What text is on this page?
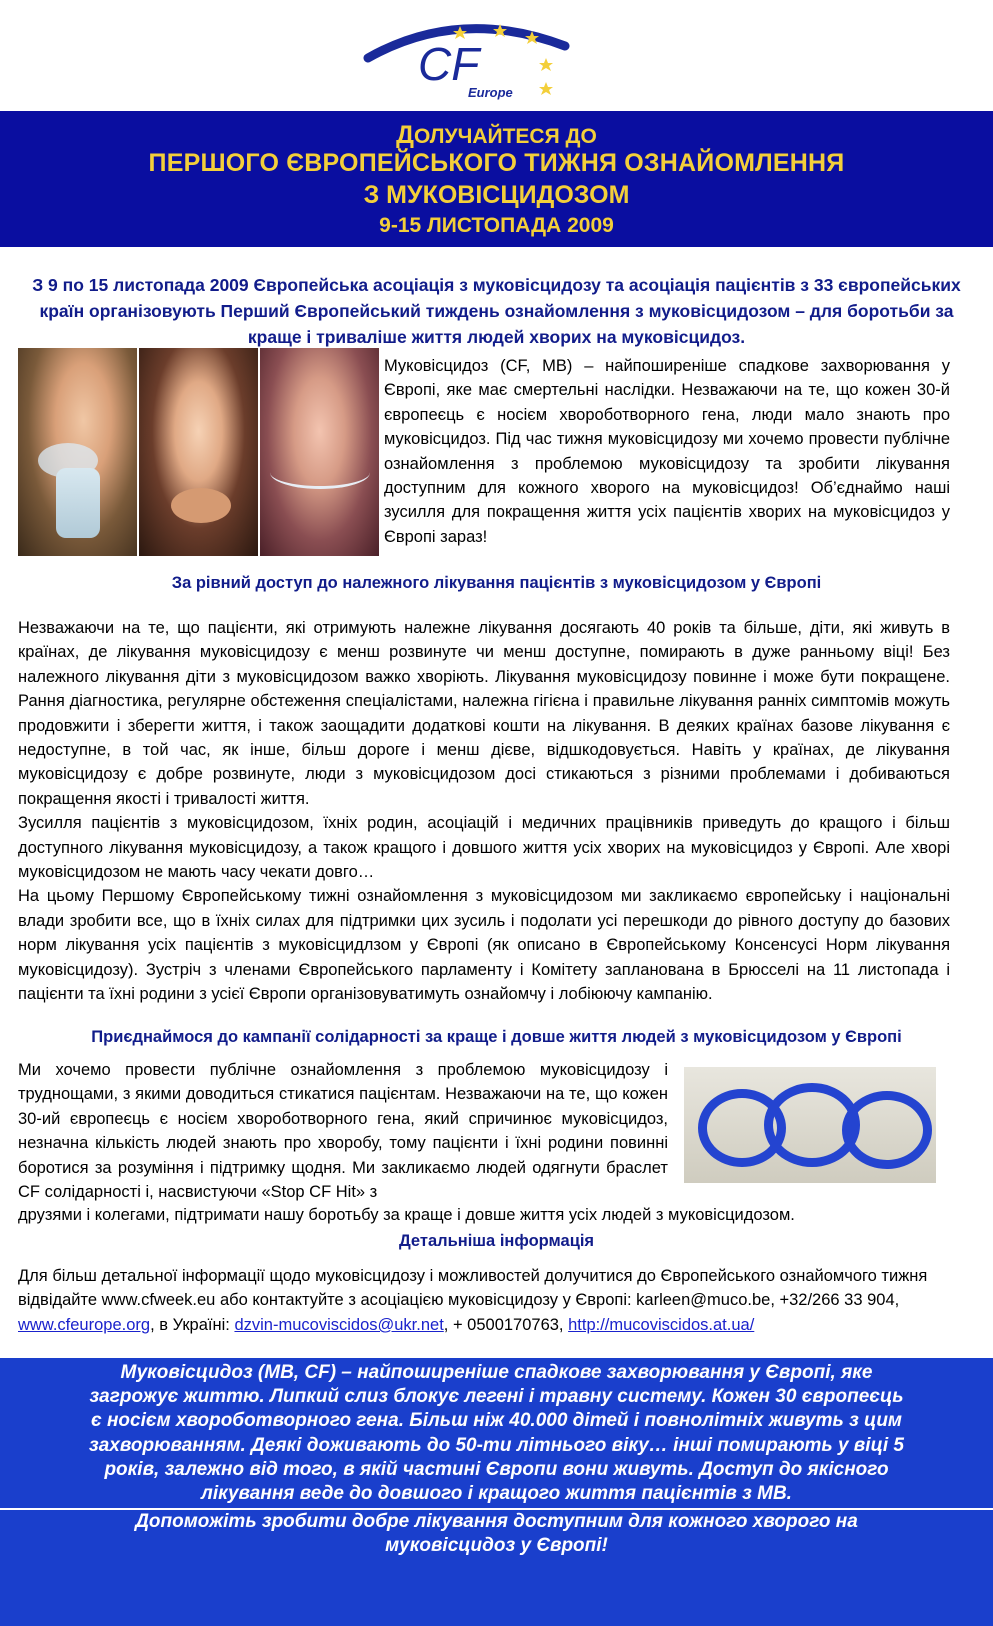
CF
Europe
ДОЛУЧАЙТЕСЯ ДО
ПЕРШОГО ЄВРОПЕЙСЬКОГО ТИЖНЯ ОЗНАЙОМЛЕННЯ
З МУКОВІСЦИДОЗОМ
9-15 ЛИСТОПАДА 2009
З 9 по 15 листопада 2009 Європейська асоціація з муковісцидозу та асоціація пацієнтів з 33 європейських
країн організовують Перший Європейський тиждень ознайомлення з муковісцидозом – для боротьби за
краще і триваліше життя людей хворих на муковісцидоз.
Муковісцидоз (CF, МВ) – найпоширеніше спадкове захворювання у Європі, яке має смертельні наслідки. Незважаючи на те, що кожен 30-й європеєць є носієм хвороботворного гена, люди мало знають про муковісцидоз. Під час тижня муковісцидозу ми хочемо провести публічне ознайомлення з проблемою муковісцидозу та зробити лікування доступним для кожного хворого на муковісцидоз! Об’єднаймо наші зусилля для покращення життя усіх пацієнтів хворих на муковісцидоз у Європі зараз!
За рівний доступ до належного лікування пацієнтів з муковісцидозом у Європі
Незважаючи на те, що пацієнти, які отримують належне лікування досягають 40 років та більше, діти, які живуть в країнах, де лікування муковісцидозу є менш розвинуте чи менш доступне, помирають в дуже ранньому віці! Без належного лікування діти з муковісцидозом важко хворіють. Лікування муковісцидозу повинне і може бути покращене. Рання діагностика, регулярне обстеження спеціалістами, належна гігієна і правильне лікування ранніх симптомів можуть продовжити і зберегти життя, і також заощадити додаткові кошти на лікування. В деяких країнах базове лікування є недоступне, в той час, як інше, більш дороге і менш дієве, відшкодовується. Навіть у країнах, де лікування муковісцидозу є добре розвинуте, люди з муковісцидозом досі стикаються з різними проблемами і добиваються покращення якості і тривалості життя.
Зусилля пацієнтів з муковісцидозом, їхніх родин, асоціацій і медичних працівників приведуть до кращого і більш доступного лікування муковісцидозу, а також кращого і довшого життя усіх хворих на муковісцидоз у Європі. Але хворі муковісцидозом не мають часу чекати довго…
На цьому Першому Європейському тижні ознайомлення з муковісцидозом ми закликаємо європейську і національні влади зробити все, що в їхніх силах для підтримки цих зусиль і подолати усі перешкоди до рівного доступу до базових норм лікування усіх пацієнтів з муковісцидлзом у Європі (як описано в Європейському Консенсусі Норм лікування муковісцидозу). Зустріч з членами Європейського парламенту і Комітету запланована в Брюсселі на 11 листопада і пацієнти та їхні родини з усієї Європи організовуватимуть ознайомчу і лобіюючу кампанію.
Приєднаймося до кампанії солідарності за краще і довше життя людей з муковісцидозом у Європі
Ми хочемо провести публічне ознайомлення з проблемою муковісцидозу і труднощами, з якими доводиться стикатися пацієнтам. Незважаючи на те, що кожен 30-ий європеєць є носієм хвороботворного гена, який спричинює муковісцидоз, незначна кількість людей знають про хворобу, тому пацієнти і їхні родини повинні боротися за розуміння і підтримку щодня. Ми закликаємо людей одягнути браслет CF солідарності і, насвистуючи «Stop CF Hit» з
друзями і колегами, підтримати нашу боротьбу за краще і довше життя усіх людей з муковісцидозом.
Детальніша інформація
Для більш детальної інформації щодо муковісцидозу і можливостей долучитися до Європейського ознайомчого тижня відвідайте www.cfweek.eu або контактуйте з асоціацією муковісцидозу у Європі: karleen@muco.be, +32/266 33 904, www.cfeurope.org, в Україні: dzvin-mucoviscidos@ukr.net, + 0500170763, http://mucoviscidos.at.ua/
Муковісцидоз (МВ, CF) – найпоширеніше спадкове захворювання у Європі, яке
загрожує життю. Липкий слиз блокує легені і травну систему. Кожен 30 європеєць
є носієм хвороботворного гена. Більш ніж 40.000 дітей і повнолітніх живуть з цим
захворюванням. Деякі доживають до 50-ти літнього віку… інші помирають у віці 5
років, залежно від того, в якій частині Європи вони живуть. Доступ до якісного
лікування веде до довшого і кращого життя пацієнтів з МВ.
Допоможіть зробити добре лікування доступним для кожного хворого на
муковісцидоз у Європі!
